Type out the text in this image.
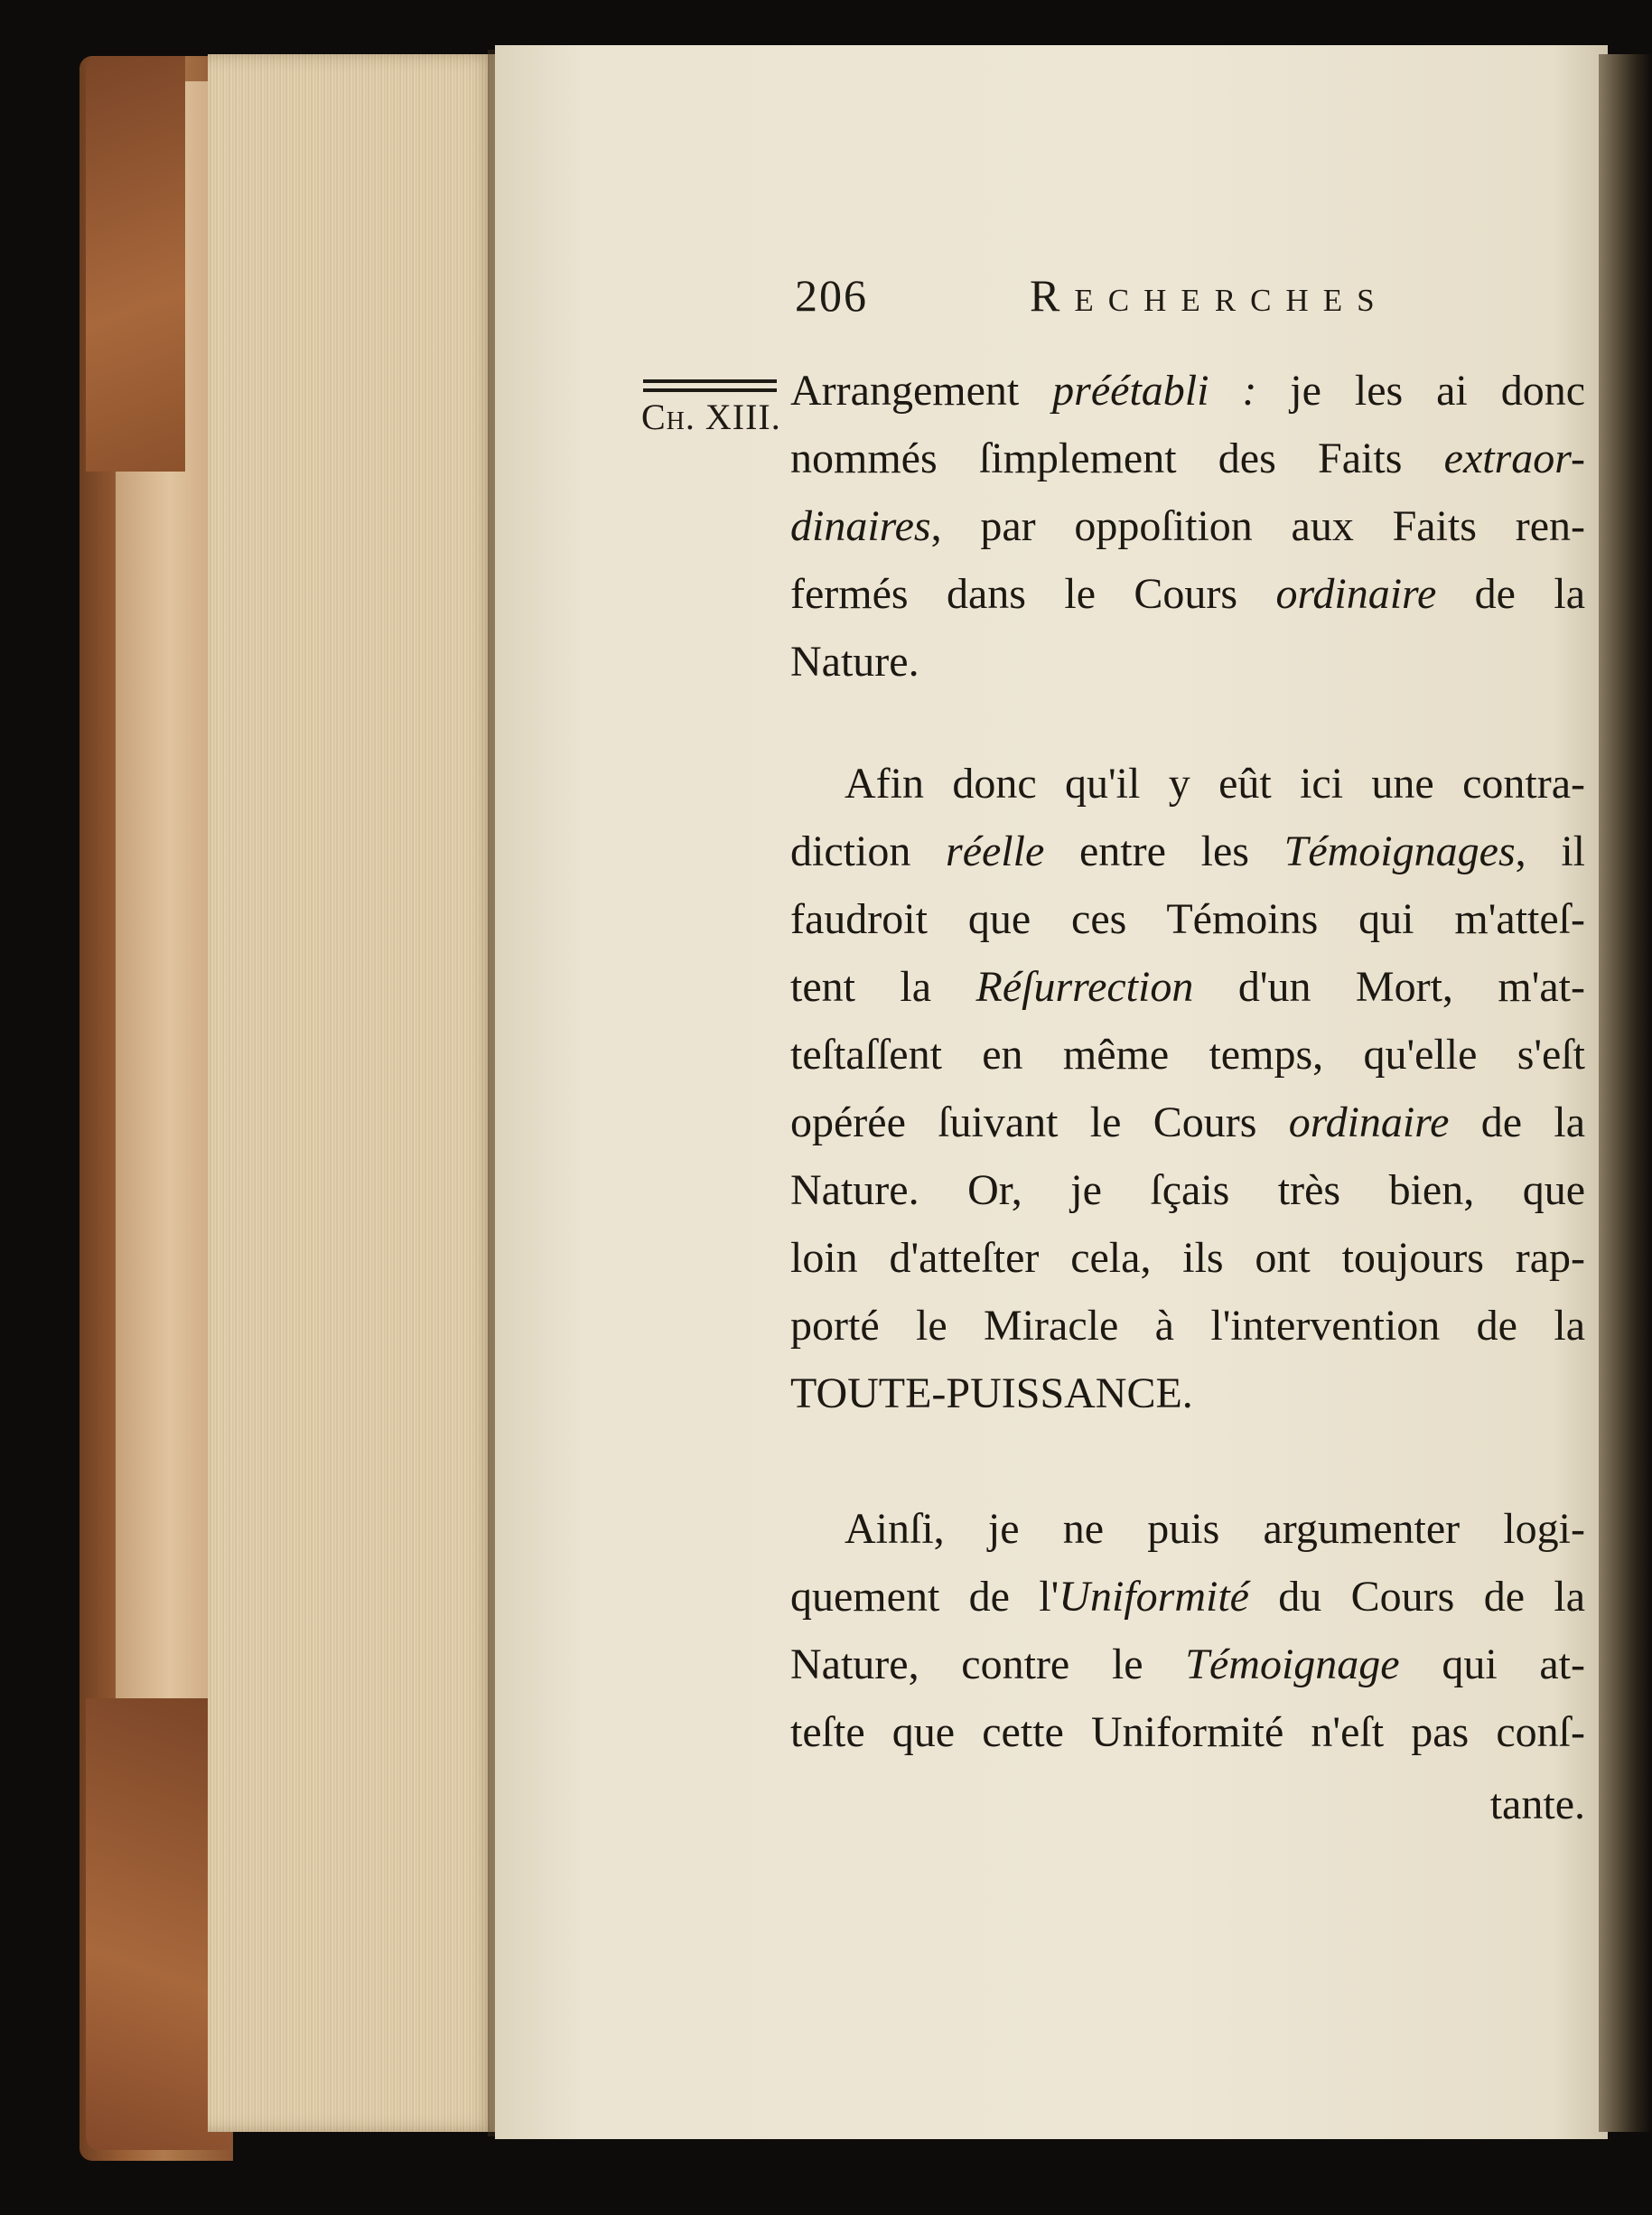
206	Recherches
Ch. XIII.
Arrangement préétabli : je les ai donc
nommés ſimplement des Faits extraor-
dinaires, par oppoſition aux Faits ren-
fermés dans le Cours ordinaire de la
Nature.
Afin donc qu'il y eût ici une contra-
diction réelle entre les Témoignages, il
faudroit que ces Témoins qui m'atteſ-
tent la Réſurrection d'un Mort, m'at-
teſtaſſent en même temps, qu'elle s'eſt
opérée ſuivant le Cours ordinaire de la
Nature. Or, je ſçais très bien, que
loin d'atteſter cela, ils ont toujours rap-
porté le Miracle à l'intervention de la
TOUTE-PUISSANCE.
Ainſi, je ne puis argumenter logi-
quement de l'Uniformité du Cours de la
Nature, contre le Témoignage qui at-
teſte que cette Uniformité n'eſt pas conſ-
tante.
